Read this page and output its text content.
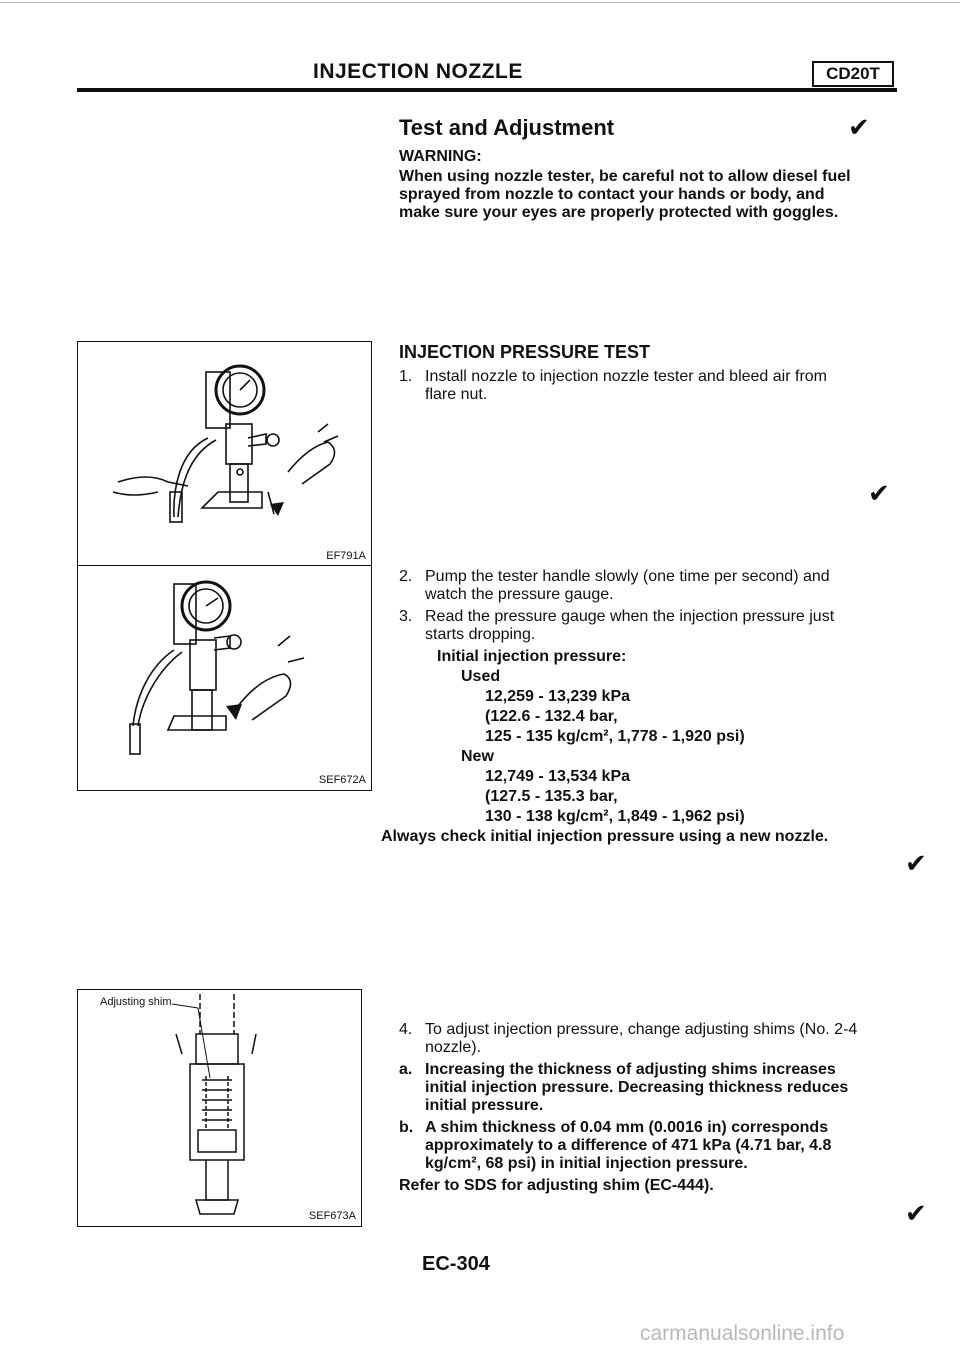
INJECTION NOZZLE	CD20T
Test and Adjustment	✔
WARNING:
When using nozzle tester, be careful not to allow diesel fuel
sprayed from nozzle to contact your hands or body, and
make sure your eyes are properly protected with goggles.
EF791A
SEF672A
Adjusting shim
SEF673A
INJECTION PRESSURE TEST
1. Install nozzle to injection nozzle tester and bleed air from
flare nut.
✔
2. Pump the tester handle slowly (one time per second) and
watch the pressure gauge.
3. Read the pressure gauge when the injection pressure just
starts dropping.
Initial injection pressure:
Used
12,259 - 13,239 kPa
(122.6 - 132.4 bar,
125 - 135 kg/cm², 1,778 - 1,920 psi)
New
12,749 - 13,534 kPa
(127.5 - 135.3 bar,
130 - 138 kg/cm², 1,849 - 1,962 psi)
Always check initial injection pressure using a new nozzle.
✔
4. To adjust injection pressure, change adjusting shims (No. 2-4
nozzle).
a. Increasing the thickness of adjusting shims increases
initial injection pressure. Decreasing thickness reduces
initial pressure.
b. A shim thickness of 0.04 mm (0.0016 in) corresponds
approximately to a difference of 471 kPa (4.71 bar, 4.8
kg/cm², 68 psi) in initial injection pressure.
Refer to SDS for adjusting shim (EC-444).
✔
EC-304
carmanualsonline.info
